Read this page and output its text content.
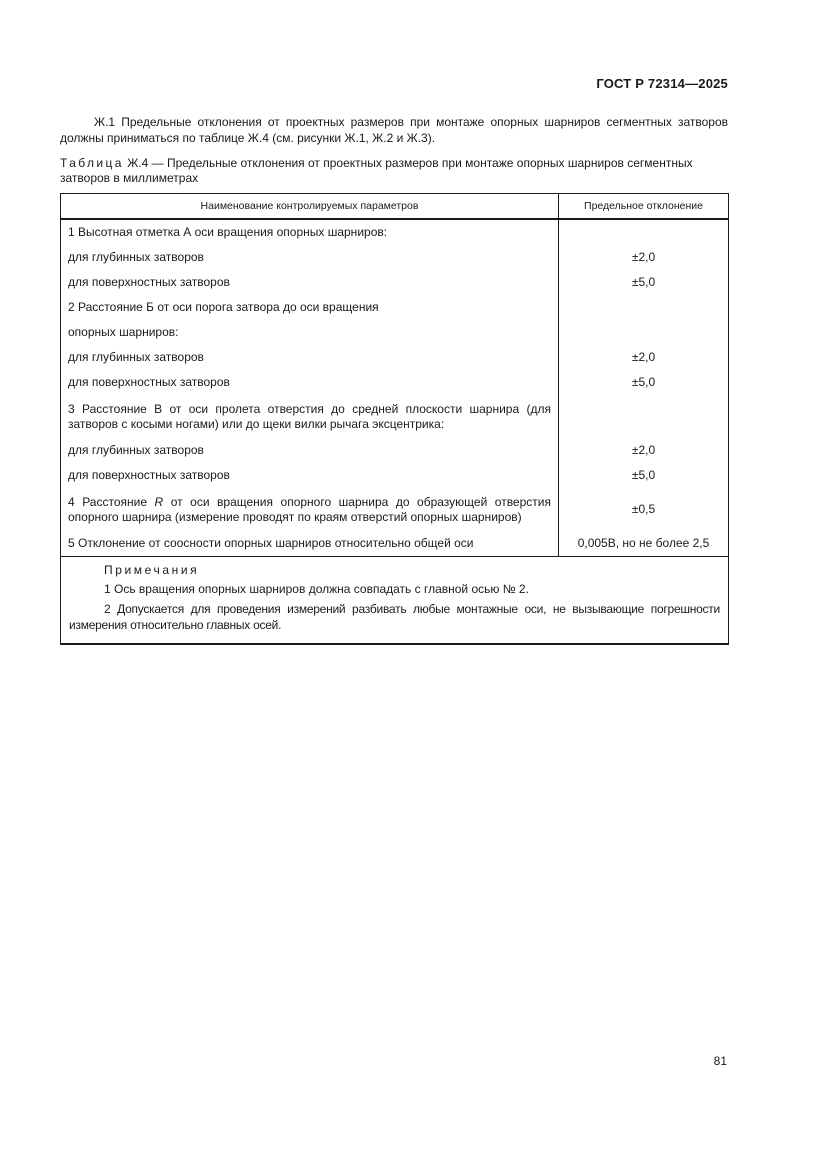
ГОСТ Р 72314—2025
Ж.1 Предельные отклонения от проектных размеров при монтаже опорных шарниров сегментных затворов должны приниматься по таблице Ж.4 (см. рисунки Ж.1, Ж.2 и Ж.3).
Таблица Ж.4 — Предельные отклонения от проектных размеров при монтаже опорных шарниров сегментных затворов в миллиметрах
Наименование контролируемых параметров	Предельное отклонение
1 Высотная отметка А оси вращения опорных шарниров:	
для глубинных затворов	±2,0
для поверхностных затворов	±5,0
2 Расстояние Б от оси порога затвора до оси вращения	
опорных шарниров:	
для глубинных затворов	±2,0
для поверхностных затворов	±5,0
3 Расстояние В от оси пролета отверстия до средней плоскости шарнира (для затворов с косыми ногами) или до щеки вилки рычага эксцентрика:	
для глубинных затворов	±2,0
для поверхностных затворов	±5,0
4 Расстояние R от оси вращения опорного шарнира до образующей отверстия опорного шарнира (измерение проводят по краям отверстий опорных шарниров)	±0,5
5 Отклонение от соосности опорных шарниров относительно общей оси	0,005В, но не более 2,5

Примечания
1 Ось вращения опорных шарниров должна совпадать с главной осью № 2.
2 Допускается для проведения измерений разбивать любые монтажные оси, не вызывающие погрешности измерения относительно главных осей.	
81
